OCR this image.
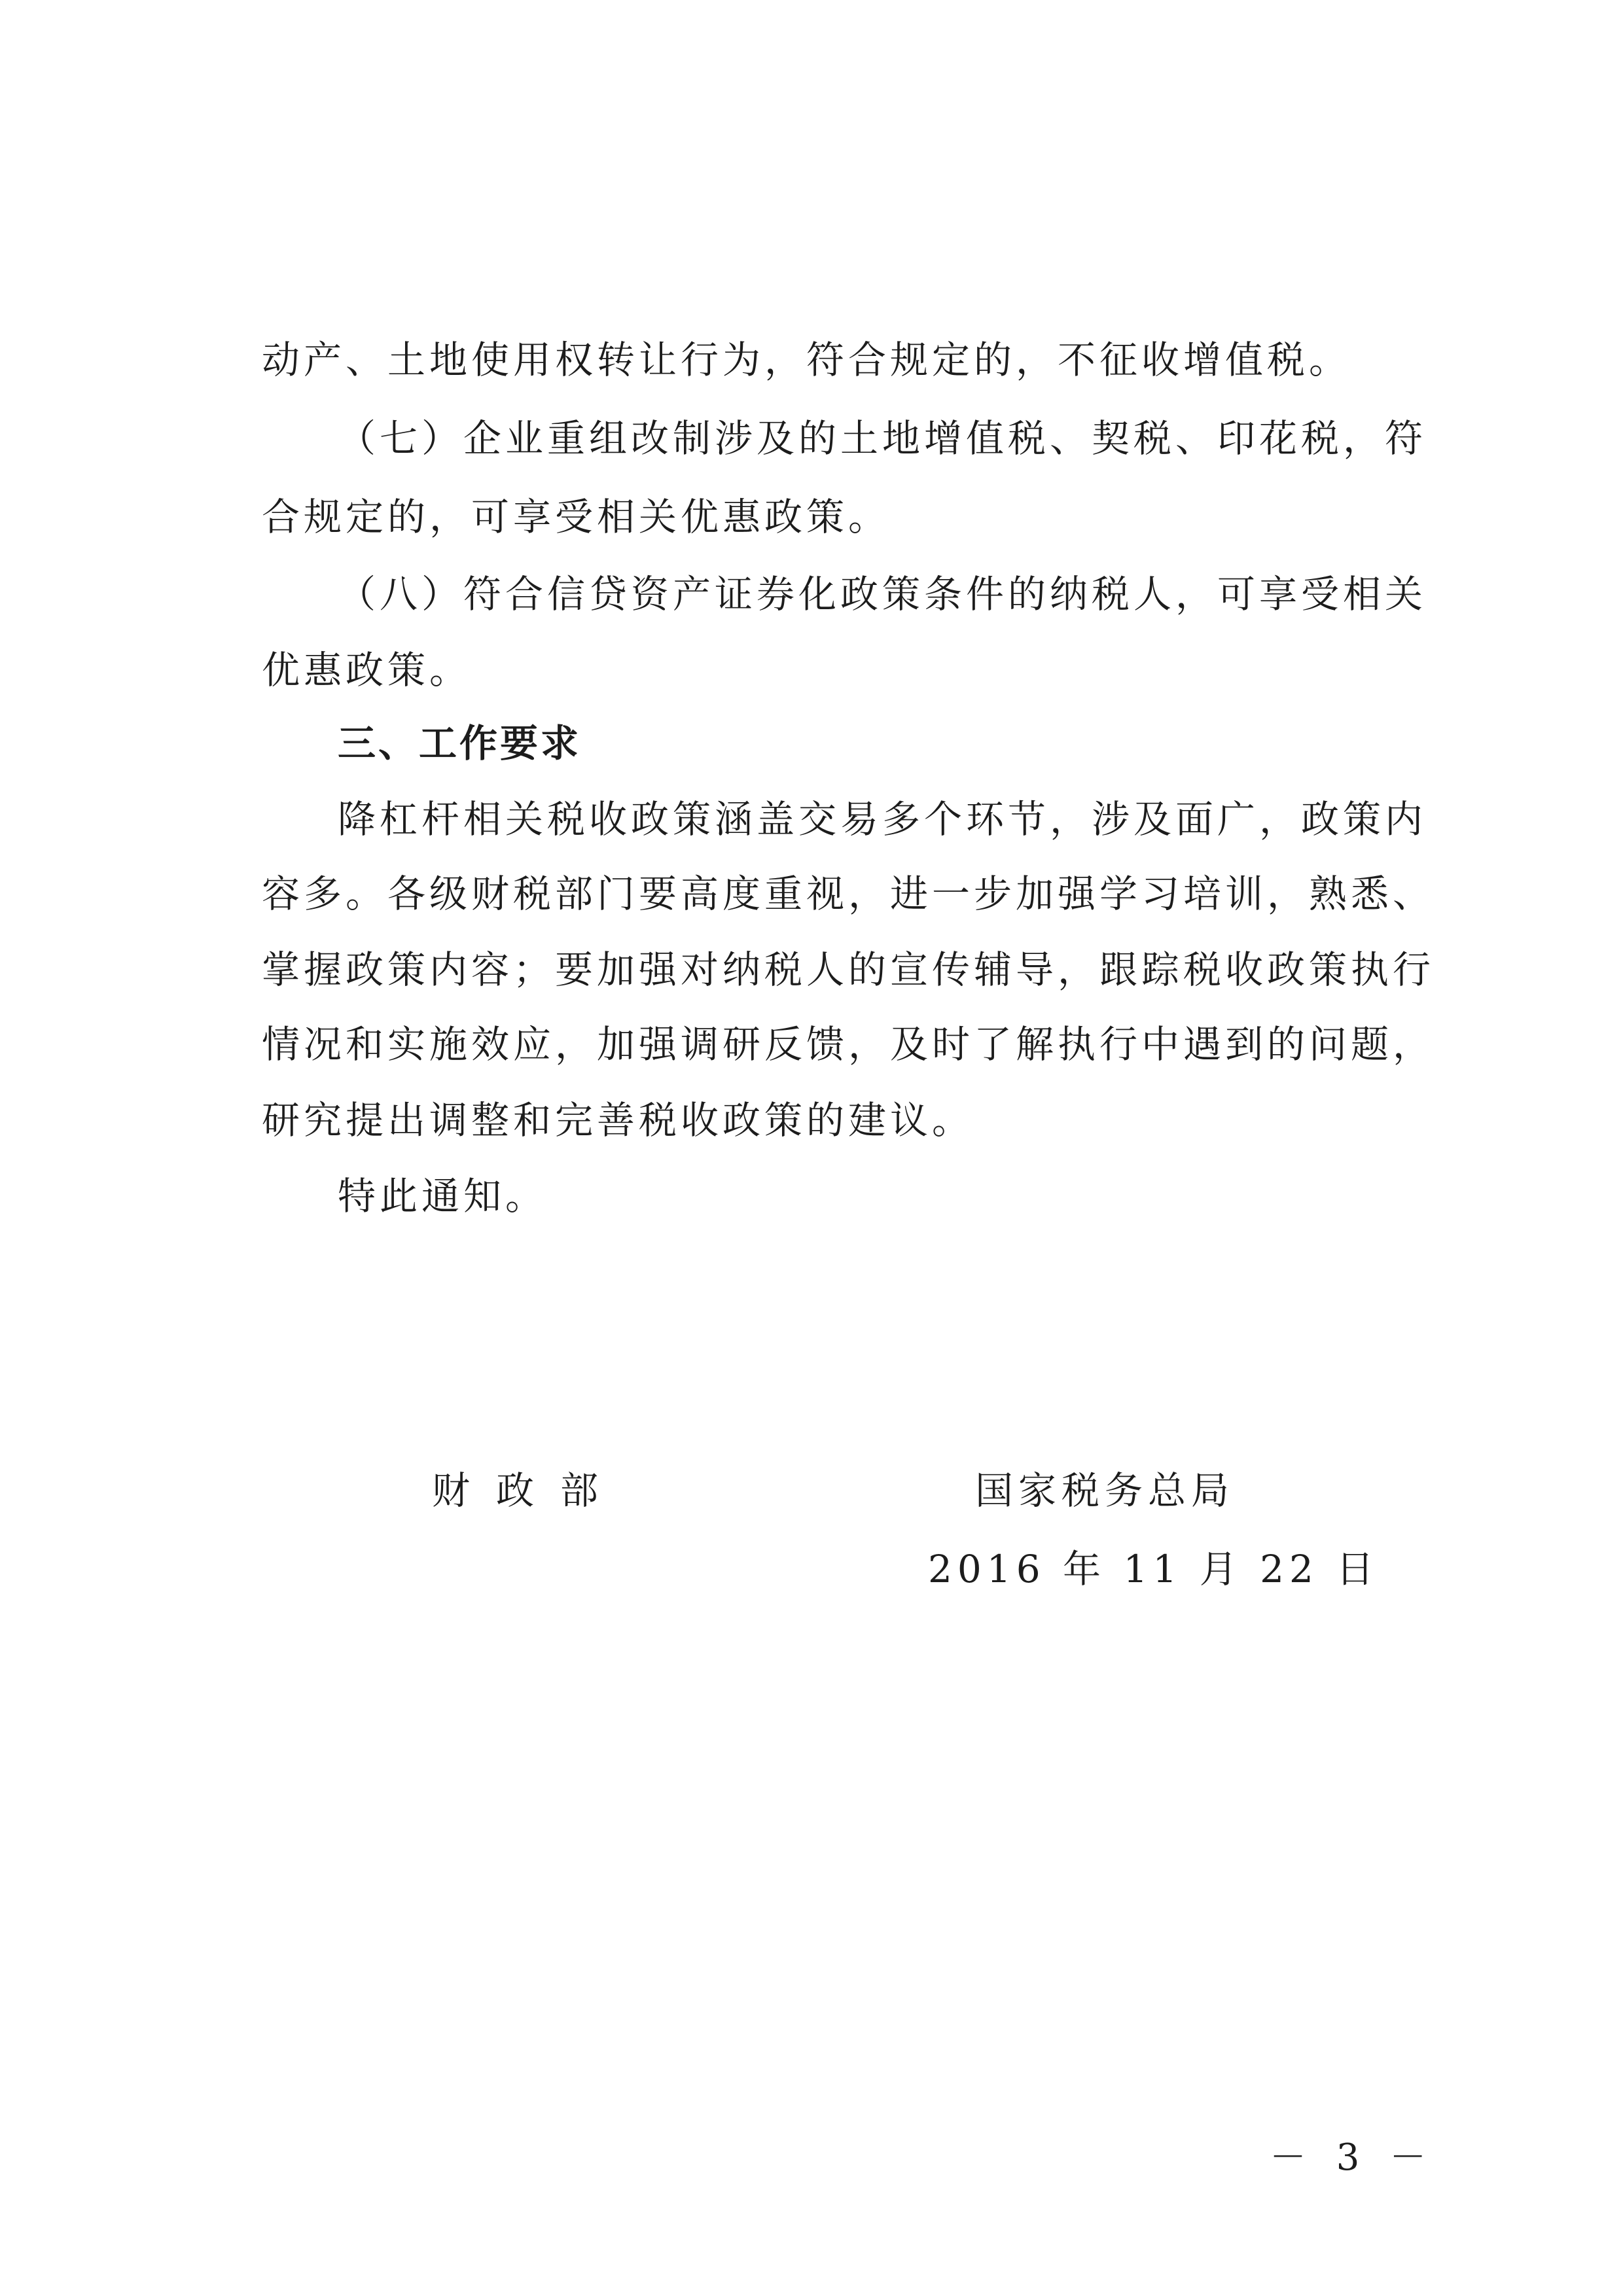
动产、土地使用权转让行为，符合规定的，不征收增值税。
（七）企业重组改制涉及的土地增值税、契税、印花税，符
合规定的，可享受相关优惠政策。
（八）符合信贷资产证券化政策条件的纳税人，可享受相关
优惠政策。
三、工作要求
降杠杆相关税收政策涵盖交易多个环节，涉及面广，政策内
容多。各级财税部门要高度重视，进一步加强学习培训，熟悉、
掌握政策内容；要加强对纳税人的宣传辅导，跟踪税收政策执行
情况和实施效应，加强调研反馈，及时了解执行中遇到的问题，
研究提出调整和完善税收政策的建议。
特此通知。
财政部	国家税务总局
2016 年 11 月 22 日
－ 3 －
